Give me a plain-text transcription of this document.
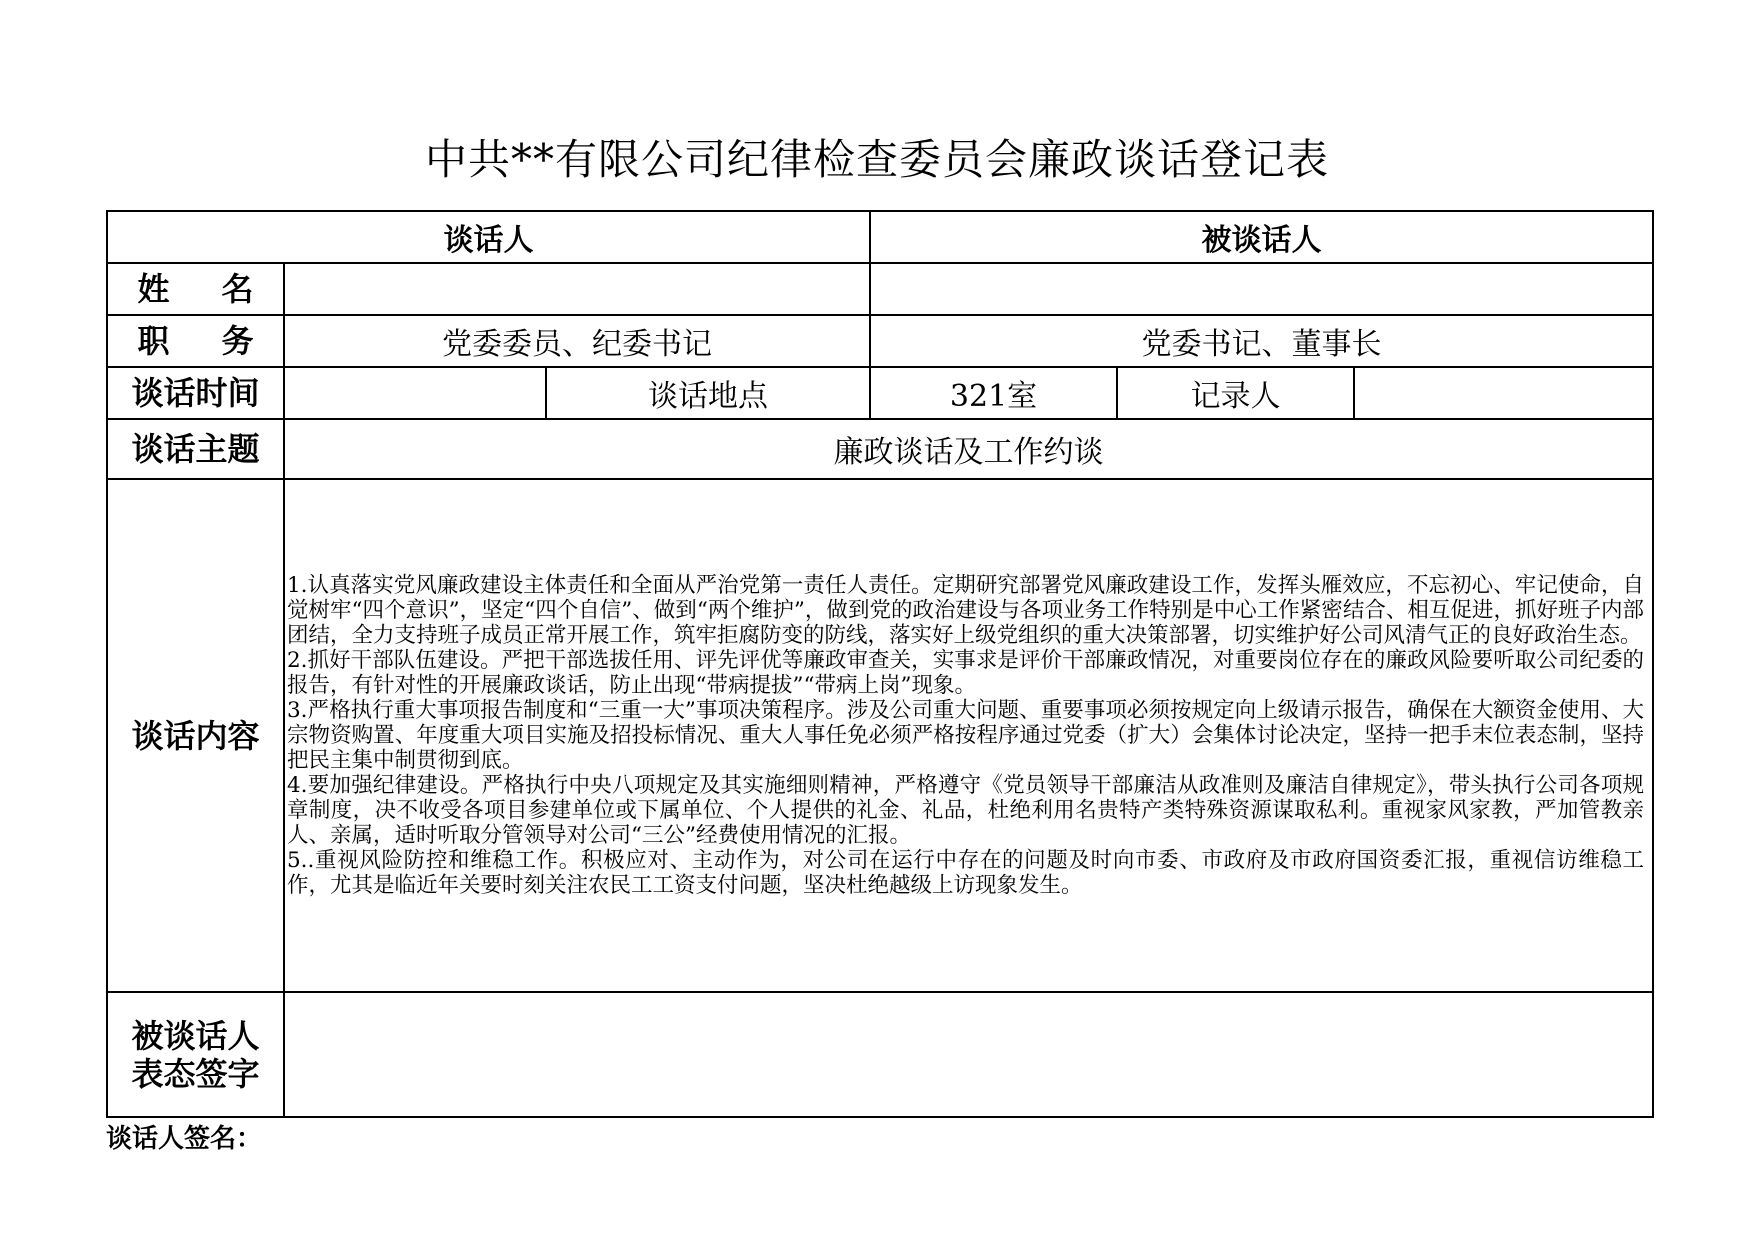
中共**有限公司纪律检查委员会廉政谈话登记表
谈话人			被谈话人		
姓 名					
职 务	党委委员、纪委书记		党委书记、董事长		
谈话时间		谈话地点	321室	记录人	
谈话主题	廉政谈话及工作约谈				
谈话内容	1.认真落实党风廉政建设主体责任和全面从严治党第一责任人责任。定期研究部署党风廉政建设工作，发挥头雁效应，不忘初心、牢记使命，自觉树牢“四个意识”，坚定“四个自信”、做到“两个维护”，做到党的政治建设与各项业务工作特别是中心工作紧密结合、相互促进，抓好班子内部团结，全力支持班子成员正常开展工作，筑牢拒腐防变的防线，落实好上级党组织的重大决策部署，切实维护好公司风清气正的良好政治生态。

2.抓好干部队伍建设。严把干部选拔任用、评先评优等廉政审查关，实事求是评价干部廉政情况，对重要岗位存在的廉政风险要听取公司纪委的报告，有针对性的开展廉政谈话，防止出现“带病提拔”“带病上岗”现象。

3.严格执行重大事项报告制度和“三重一大”事项决策程序。涉及公司重大问题、重要事项必须按规定向上级请示报告，确保在大额资金使用、大宗物资购置、年度重大项目实施及招投标情况、重大人事任免必须严格按程序通过党委（扩大）会集体讨论决定，坚持一把手末位表态制，坚持把民主集中制贯彻到底。

4.要加强纪律建设。严格执行中央八项规定及其实施细则精神，严格遵守《党员领导干部廉洁从政准则及廉洁自律规定》，带头执行公司各项规章制度，决不收受各项目参建单位或下属单位、个人提供的礼金、礼品，杜绝利用名贵特产类特殊资源谋取私利。重视家风家教，严加管教亲人、亲属，适时听取分管领导对公司“三公”经费使用情况的汇报。

5..重视风险防控和维稳工作。积极应对、主动作为，对公司在运行中存在的问题及时向市委、市政府及市政府国资委汇报，重视信访维稳工作，尤其是临近年关要时刻关注农民工工资支付问题，坚决杜绝越级上访现象发生。				

被谈话人
表态签字					
谈话人签名：
